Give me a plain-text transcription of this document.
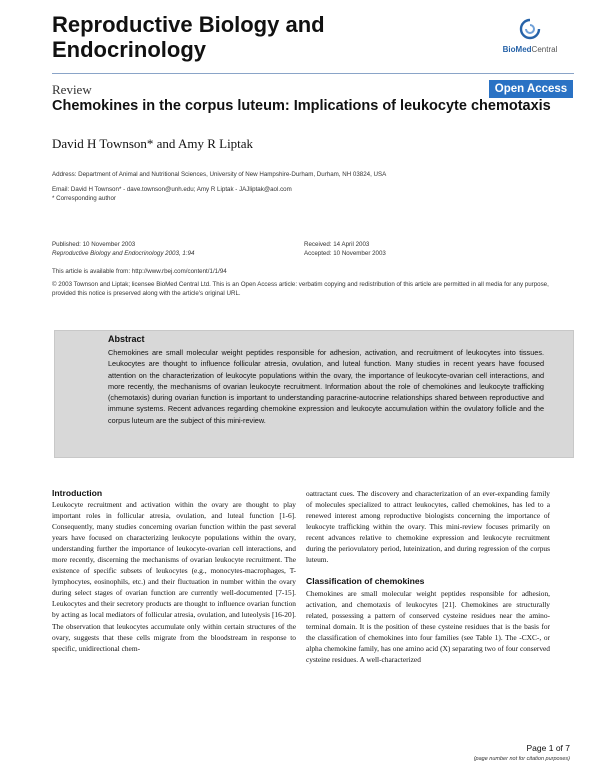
Reproductive Biology and Endocrinology	BioMedCentral
Review	Open Access
Chemokines in the corpus luteum: Implications of leukocyte chemotaxis
David H Townson* and Amy R Liptak
Address: Department of Animal and Nutritional Sciences, University of New Hampshire-Durham, Durham, NH 03824, USA
Email: David H Townson* - dave.townson@unh.edu; Amy R Liptak - JAJliptak@aol.com
* Corresponding author
Published: 10 November 2003
Reproductive Biology and Endocrinology 2003, 1:94
Received: 14 April 2003
Accepted: 10 November 2003
This article is available from: http://www.rbej.com/content/1/1/94
© 2003 Townson and Liptak; licensee BioMed Central Ltd. This is an Open Access article: verbatim copying and redistribution of this article are permitted in all media for any purpose, provided this notice is preserved along with the article's original URL.
Abstract
Chemokines are small molecular weight peptides responsible for adhesion, activation, and recruitment of leukocytes into tissues. Leukocytes are thought to influence follicular atresia, ovulation, and luteal function. Many studies in recent years have focused attention on the characterization of leukocyte populations within the ovary, the importance of leukocyte-ovarian cell interactions, and more recently, the mechanisms of ovarian leukocyte recruitment. Information about the role of chemokines and leukocyte trafficking (chemotaxis) during ovarian function is important to understanding paracrine-autocrine relationships shared between reproductive and immune systems. Recent advances regarding chemokine expression and leukocyte accumulation within the ovulatory follicle and the corpus luteum are the subject of this mini-review.
Introduction
Leukocyte recruitment and activation within the ovary are thought to play important roles in follicular atresia, ovulation, and luteal function [1-6]. Consequently, many studies concerning ovarian function within the past several years have focused on characterizing leukocyte populations within the ovary, understanding further the importance of leukocyte-ovarian cell interactions, and more recently, discerning the mechanisms of ovarian leukocyte recruitment. The existence of specific subsets of leukocytes (e.g., monocytes-macrophages, T-lymphocytes, eosinophils, etc.) and their fluctuation in number within the ovary during select stages of ovarian function are currently well-documented [7-15]. Leukocytes and their secretory products are thought to influence ovarian function by acting as local mediators of follicular atresia, ovulation, and luteolysis [16-20]. The observation that leukocytes accumulate only within certain structures of the ovary, suggests that these cells migrate from the bloodstream in response to specific, unidirectional chem-
oattractant cues. The discovery and characterization of an ever-expanding family of molecules specialized to attract leukocytes, called chemokines, has led to a renewed interest among reproductive biologists concerning the importance of leukocyte trafficking within the ovary. This mini-review focuses primarily on recent advances relative to chemokine expression and leukocyte recruitment during the periovulatory period, luteinization, and during regression of the corpus luteum.
Classification of chemokines
Chemokines are small molecular weight peptides responsible for adhesion, activation, and chemotaxis of leukocytes [21]. Chemokines are structurally related, possessing a pattern of conserved cysteine residues near the amino-terminal domain. It is the position of these cysteine residues that is the basis for the classification of chemokines into four families (see Table 1). The -CXC-, or alpha chemokine family, has one amino acid (X) separating two of four conserved cysteine residues. A well-characterized
Page 1 of 7
(page number not for citation purposes)
